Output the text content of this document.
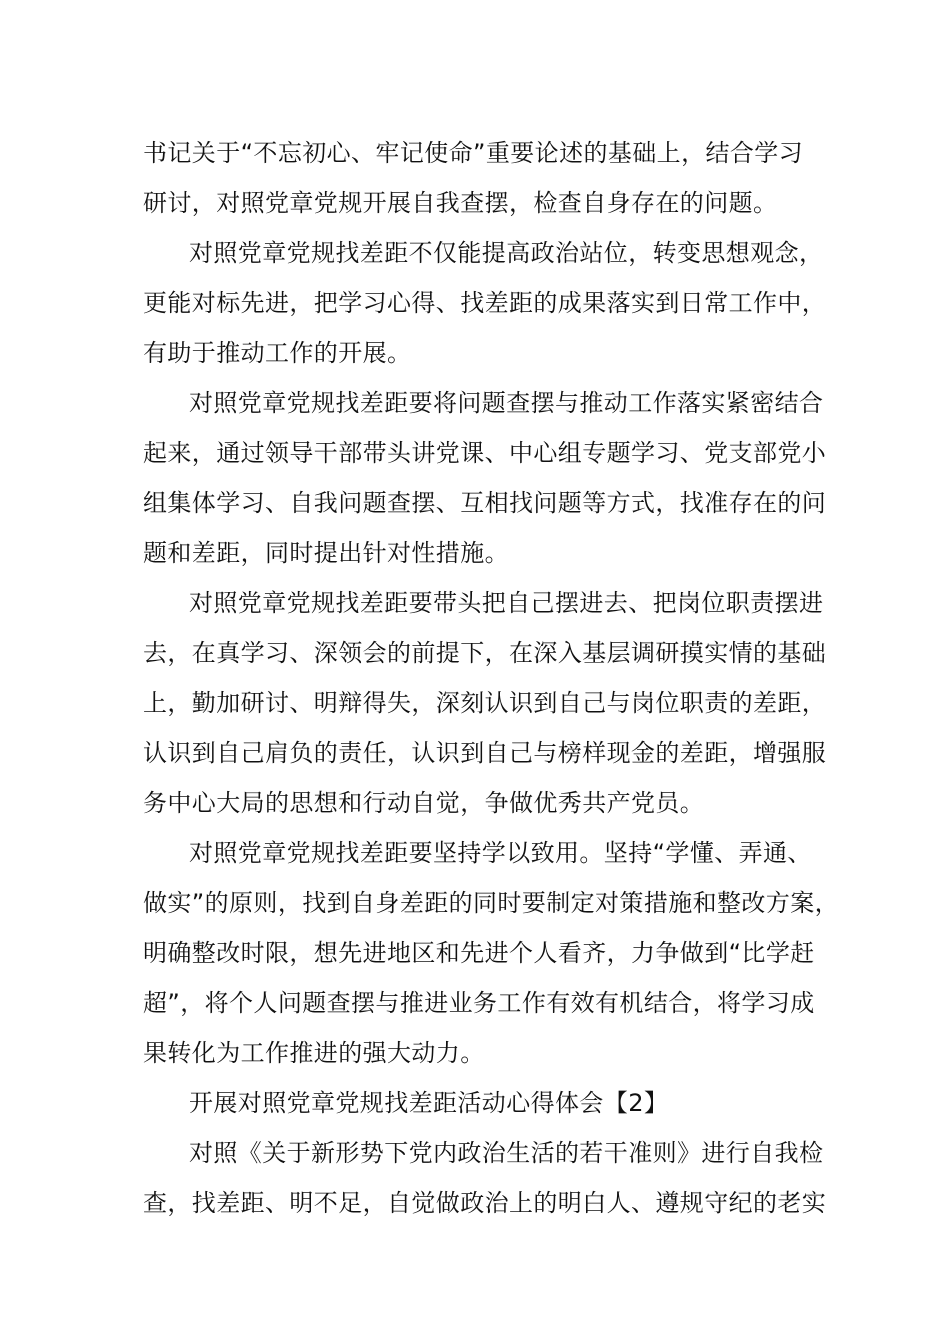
书记关于“不忘初心、牢记使命”重要论述的基础上，结合学习
研讨，对照党章党规开展自我查摆，检查自身存在的问题。
对照党章党规找差距不仅能提高政治站位，转变思想观念，
更能对标先进，把学习心得、找差距的成果落实到日常工作中，
有助于推动工作的开展。
对照党章党规找差距要将问题查摆与推动工作落实紧密结合
起来，通过领导干部带头讲党课、中心组专题学习、党支部党小
组集体学习、自我问题查摆、互相找问题等方式，找准存在的问
题和差距，同时提出针对性措施。
对照党章党规找差距要带头把自己摆进去、把岗位职责摆进
去，在真学习、深领会的前提下，在深入基层调研摸实情的基础
上，勤加研讨、明辩得失，深刻认识到自己与岗位职责的差距，
认识到自己肩负的责任，认识到自己与榜样现金的差距，增强服
务中心大局的思想和行动自觉，争做优秀共产党员。
对照党章党规找差距要坚持学以致用。坚持“学懂、弄通、
做实”的原则，找到自身差距的同时要制定对策措施和整改方案，
明确整改时限，想先进地区和先进个人看齐，力争做到“比学赶
超”，将个人问题查摆与推进业务工作有效有机结合，将学习成
果转化为工作推进的强大动力。
开展对照党章党规找差距活动心得体会【2】
对照《关于新形势下党内政治生活的若干准则》进行自我检
查，找差距、明不足，自觉做政治上的明白人、遵规守纪的老实
